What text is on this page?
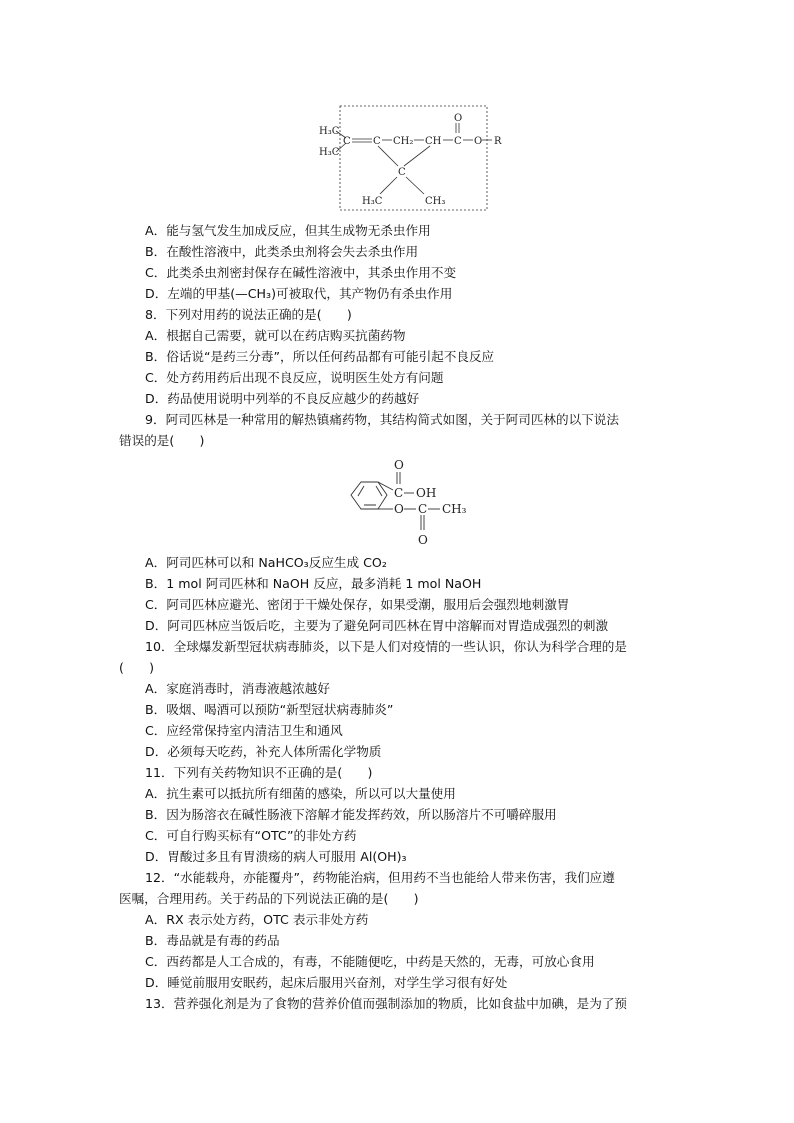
H₃C
H₃C
C C CH₂ CH
O
C O R
C
H₃C	CH₃
A．能与氢气发生加成反应，但其生成物无杀虫作用
B．在酸性溶液中，此类杀虫剂将会失去杀虫作用
C．此类杀虫剂密封保存在碱性溶液中，其杀虫作用不变
D．左端的甲基(—CH₃)可被取代，其产物仍有杀虫作用
8．下列对用药的说法正确的是(　　)
A．根据自己需要，就可以在药店购买抗菌药物
B．俗话说“是药三分毒”，所以任何药品都有可能引起不良反应
C．处方药用药后出现不良反应，说明医生处方有问题
D．药品使用说明中列举的不良反应越少的药越好
9．阿司匹林是一种常用的解热镇痛药物，其结构简式如图，关于阿司匹林的以下说法
错误的是(　　)
O
C OH
O C CH₃
O
A．阿司匹林可以和 NaHCO₃反应生成 CO₂
B．1 mol 阿司匹林和 NaOH 反应，最多消耗 1 mol NaOH
C．阿司匹林应避光、密闭于干燥处保存，如果受潮，服用后会强烈地刺激胃
D．阿司匹林应当饭后吃，主要为了避免阿司匹林在胃中溶解而对胃造成强烈的刺激
10．全球爆发新型冠状病毒肺炎，以下是人们对疫情的一些认识，你认为科学合理的是
(　　)
A．家庭消毒时，消毒液越浓越好
B．吸烟、喝酒可以预防“新型冠状病毒肺炎”
C．应经常保持室内清洁卫生和通风
D．必须每天吃药，补充人体所需化学物质
11．下列有关药物知识不正确的是(　　)
A．抗生素可以抵抗所有细菌的感染，所以可以大量使用
B．因为肠溶衣在碱性肠液下溶解才能发挥药效，所以肠溶片不可嚼碎服用
C．可自行购买标有“OTC”的非处方药
D．胃酸过多且有胃溃疡的病人可服用 Al(OH)₃
12．“水能载舟，亦能覆舟”，药物能治病，但用药不当也能给人带来伤害，我们应遵
医嘱，合理用药。关于药品的下列说法正确的是(　　)
A．RX 表示处方药，OTC 表示非处方药
B．毒品就是有毒的药品
C．西药都是人工合成的，有毒，不能随便吃，中药是天然的，无毒，可放心食用
D．睡觉前服用安眠药，起床后服用兴奋剂，对学生学习很有好处
13．营养强化剂是为了食物的营养价值而强制添加的物质，比如食盐中加碘，是为了预
